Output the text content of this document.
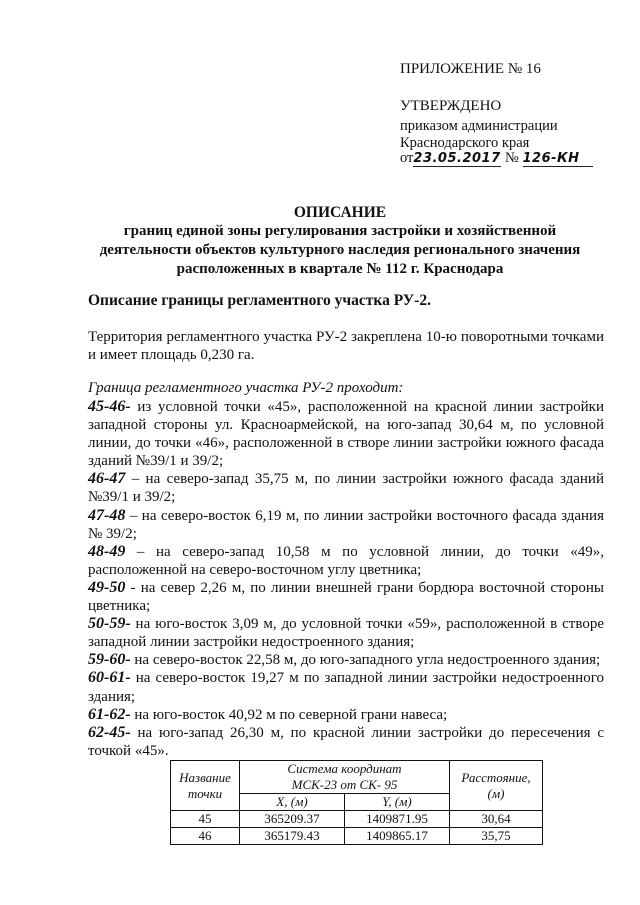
ПРИЛОЖЕНИЕ № 16
УТВЕРЖДЕНО
приказом администрации
Краснодарского края
от23.05.2017 № 126-КН
ОПИСАНИЕ
границ единой зоны регулирования застройки и хозяйственной
деятельности объектов культурного наследия регионального значения
расположенных в квартале № 112 г. Краснодара
Описание границы регламентного участка РУ-2.

Территория регламентного участка РУ-2 закреплена 10-ю поворотными точками и имеет площадь 0,230 га.

Граница регламентного участка РУ-2 проходит:

45-46- из условной точки «45», расположенной на красной линии застройки западной стороны ул. Красноармейской, на юго-запад 30,64 м, по условной линии, до точки «46», расположенной в створе линии застройки южного фасада зданий №39/1 и 39/2;

46-47 – на северо-запад 35,75 м, по линии застройки южного фасада зданий №39/1 и 39/2;

47-48 – на северо-восток 6,19 м, по линии застройки восточного фасада здания № 39/2;

48-49 – на северо-запад 10,58 м по условной линии, до точки «49», расположенной на северо-восточном углу цветника;

49-50 - на север 2,26 м, по линии внешней грани бордюра восточной стороны цветника;

50-59- на юго-восток 3,09 м, до условной точки «59», расположенной в створе западной линии застройки недостроенного здания;

59-60- на северо-восток 22,58 м, до юго-западного угла недостроенного здания;

60-61- на северо-восток 19,27 м по западной линии застройки недостроенного здания;

61-62- на юго-восток 40,92 м по северной грани навеса;

62-45- на юго-запад 26,30 м, по красной линии застройки до пересечения с точкой «45».

Название
точки	Система координат
МСК-23 от СК- 95		Расстояние,
(м)

	X, (м)	Y, (м)	
45	365209.37	1409871.95	30,64
46	365179.43	1409865.17	35,75
